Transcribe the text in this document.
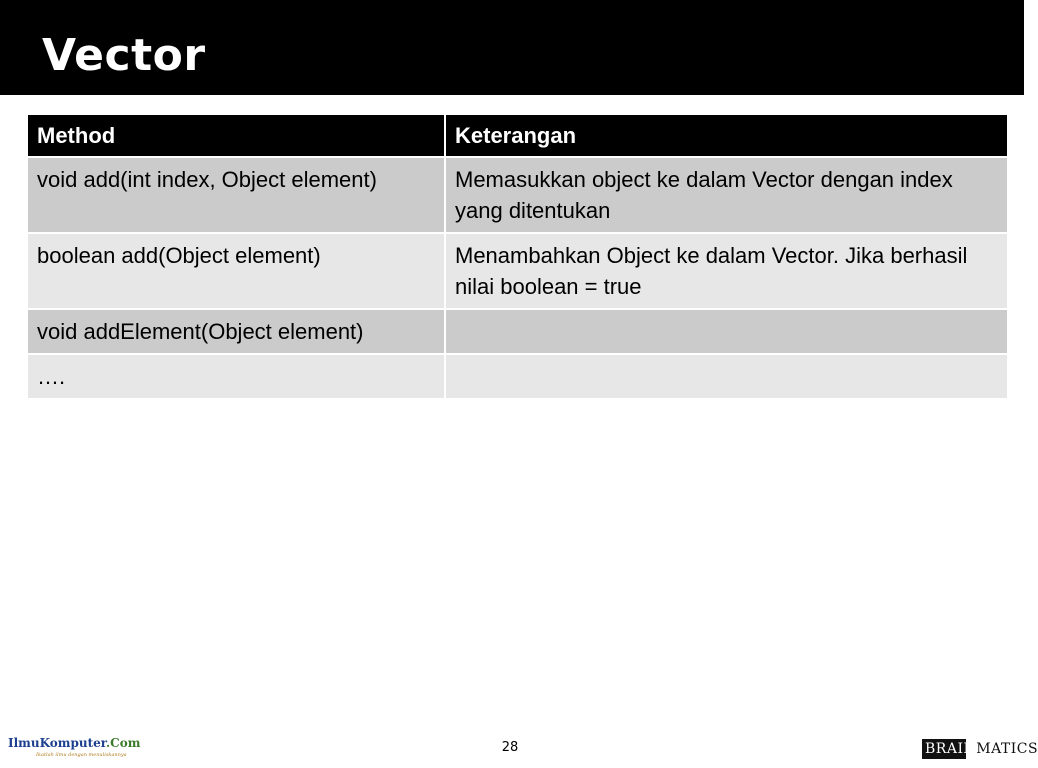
Vector
Method	Keterangan
void add(int index, Object element)	Memasukkan object ke dalam Vector dengan index yang ditentukan
boolean add(Object element)	Menambahkan Object ke dalam Vector. Jika berhasil nilai boolean = true
void addElement(Object element)	
….	
IlmuKomputer.Com
Ikatlah ilmu dengan menuliskannya	28	BRAINMATICS
